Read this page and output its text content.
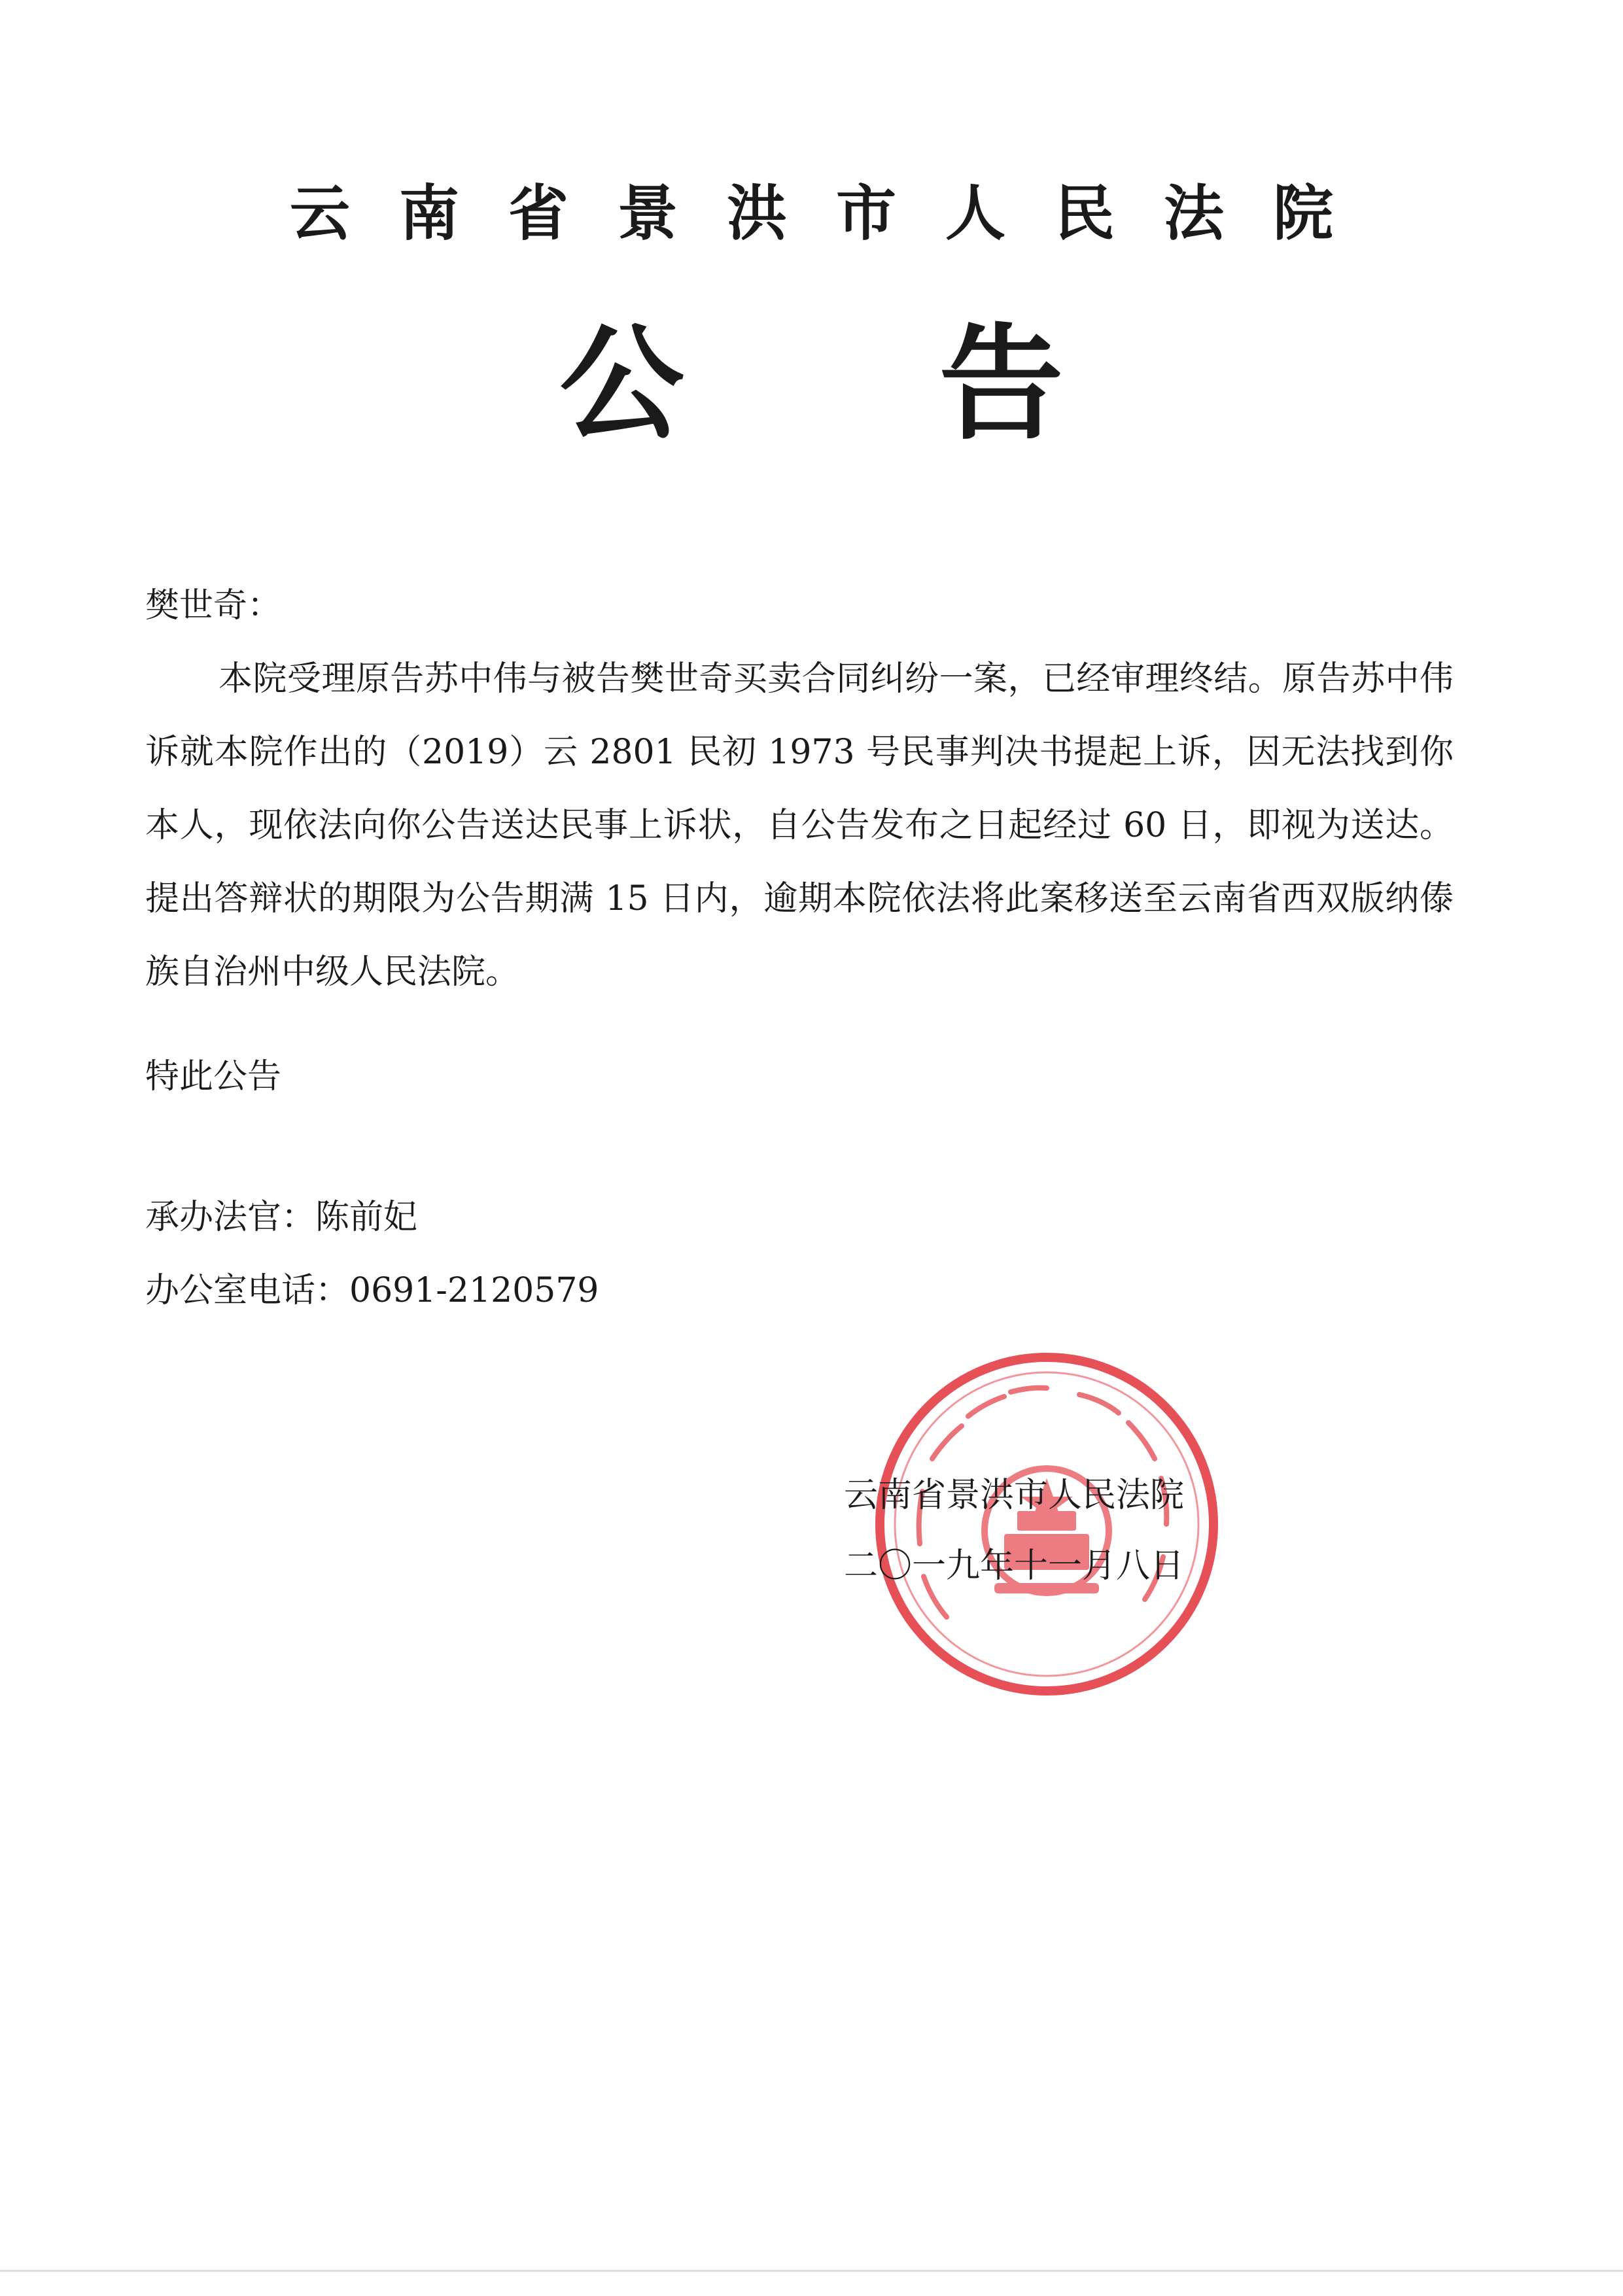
云南省景洪市人民法院
公告

樊世奇：

本院受理原告苏中伟与被告樊世奇买卖合同纠纷一案，已经审理终结。原告苏中伟诉就本院作出的（2019）云 2801 民初 1973 号民事判决书提起上诉，因无法找到你本人，现依法向你公告送达民事上诉状，自公告发布之日起经过 60 日，即视为送达。提出答辩状的期限为公告期满 15 日内，逾期本院依法将此案移送至云南省西双版纳傣族自治州中级人民法院。

特此公告

承办法官：陈前妃

办公室电话：0691-2120579

云南省景洪市人民法院
二〇一九年十一月八日
